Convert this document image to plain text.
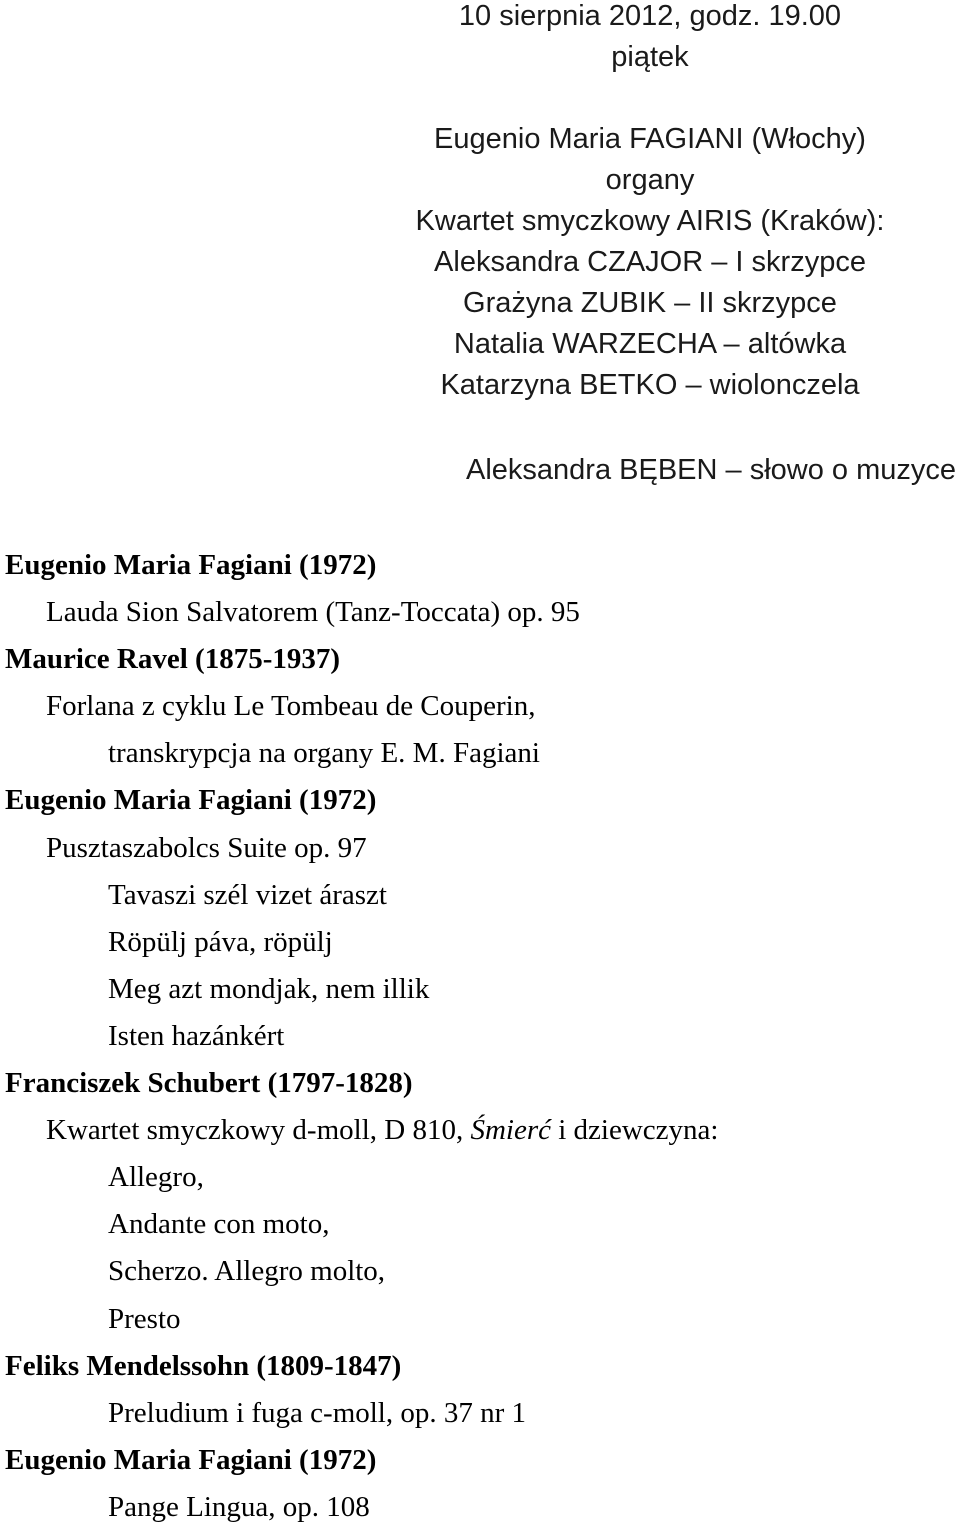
10 sierpnia 2012, godz. 19.00
piątek

Eugenio Maria FAGIANI (Włochy)
organy
Kwartet smyczkowy AIRIS (Kraków):
Aleksandra CZAJOR – I skrzypce
Grażyna ZUBIK – II skrzypce
Natalia WARZECHA – altówka
Katarzyna BETKO – wiolonczela
Aleksandra BĘBEN – słowo o muzyce
Eugenio Maria Fagiani (1972)
Lauda Sion Salvatorem (Tanz-Toccata) op. 95
Maurice Ravel (1875-1937)
Forlana z cyklu Le Tombeau de Couperin,
transkrypcja na organy E. M. Fagiani
Eugenio Maria Fagiani (1972)
Pusztaszabolcs Suite op. 97
Tavaszi szél vizet áraszt
Röpülj páva, röpülj
Meg azt mondjak, nem illik
Isten hazánkért
Franciszek Schubert (1797-1828)
Kwartet smyczkowy d-moll, D 810, Śmierć i dziewczyna:
Allegro,
Andante con moto,
Scherzo. Allegro molto,
Presto
Feliks Mendelssohn (1809-1847)
Preludium i fuga c-moll, op. 37 nr 1
Eugenio Maria Fagiani (1972)
Pange Lingua, op. 108
